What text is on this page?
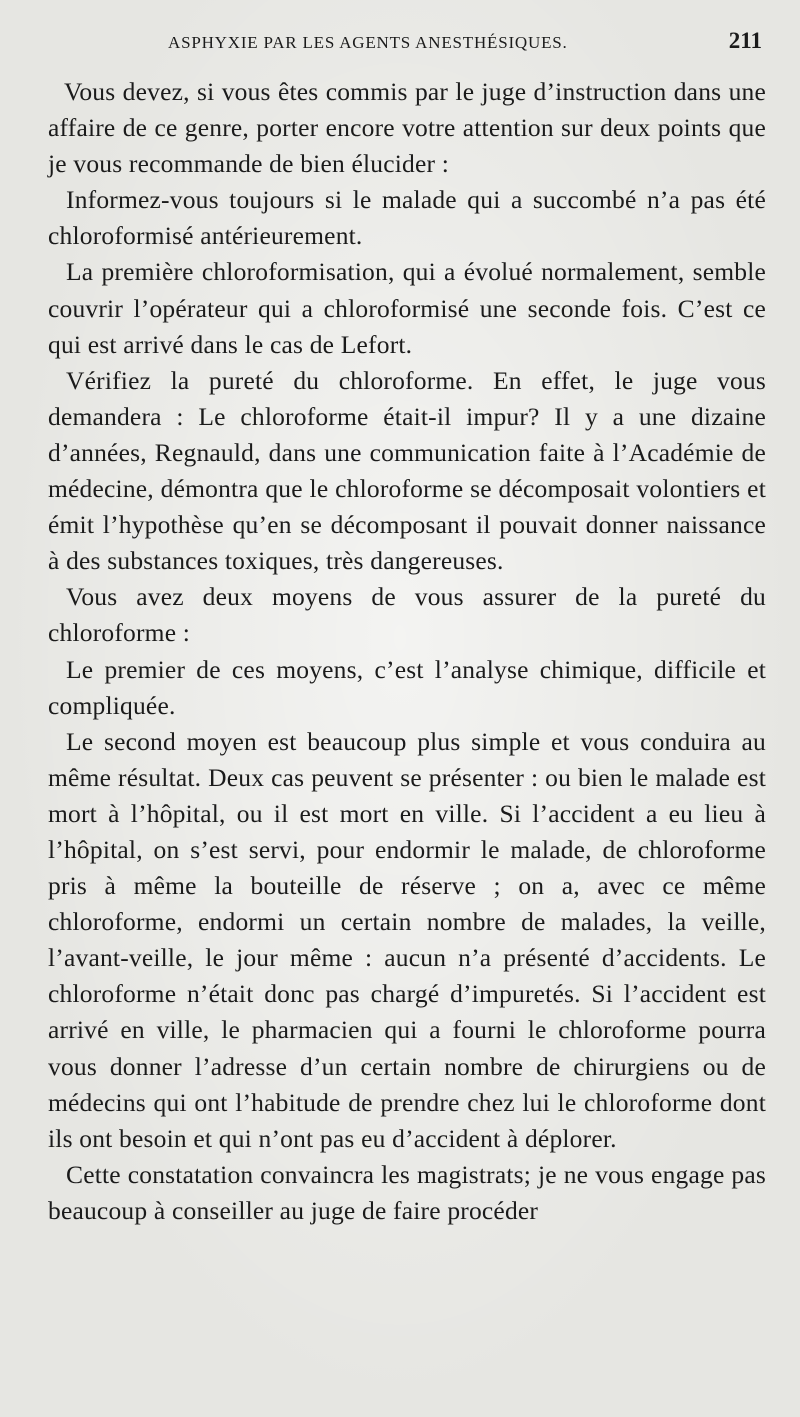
ASPHYXIE PAR LES AGENTS ANESTHÉSIQUES.	211

Vous devez, si vous êtes commis par le juge d’instruction dans une affaire de ce genre, porter encore votre attention sur deux points que je vous recommande de bien élucider :

Informez-vous toujours si le malade qui a succombé n’a pas été chloroformisé antérieurement.

La première chloroformisation, qui a évolué normalement, semble couvrir l’opérateur qui a chloroformisé une seconde fois. C’est ce qui est arrivé dans le cas de Lefort.

Vérifiez la pureté du chloroforme. En effet, le juge vous demandera : Le chloroforme était-il impur? Il y a une dizaine d’années, Regnauld, dans une communication faite à l’Académie de médecine, démontra que le chloroforme se décomposait volontiers et émit l’hypothèse qu’en se décomposant il pouvait donner naissance à des substances toxiques, très dangereuses.

Vous avez deux moyens de vous assurer de la pureté du chloroforme :

Le premier de ces moyens, c’est l’analyse chimique, difficile et compliquée.

Le second moyen est beaucoup plus simple et vous conduira au même résultat. Deux cas peuvent se présenter : ou bien le malade est mort à l’hôpital, ou il est mort en ville. Si l’accident a eu lieu à l’hôpital, on s’est servi, pour endormir le malade, de chloroforme pris à même la bouteille de réserve ; on a, avec ce même chloroforme, endormi un certain nombre de malades, la veille, l’avant-veille, le jour même : aucun n’a présenté d’accidents. Le chloroforme n’était donc pas chargé d’impuretés. Si l’accident est arrivé en ville, le pharmacien qui a fourni le chloroforme pourra vous donner l’adresse d’un certain nombre de chirurgiens ou de médecins qui ont l’habitude de prendre chez lui le chloroforme dont ils ont besoin et qui n’ont pas eu d’accident à déplorer.

Cette constatation convaincra les magistrats; je ne vous engage pas beaucoup à conseiller au juge de faire procéder
